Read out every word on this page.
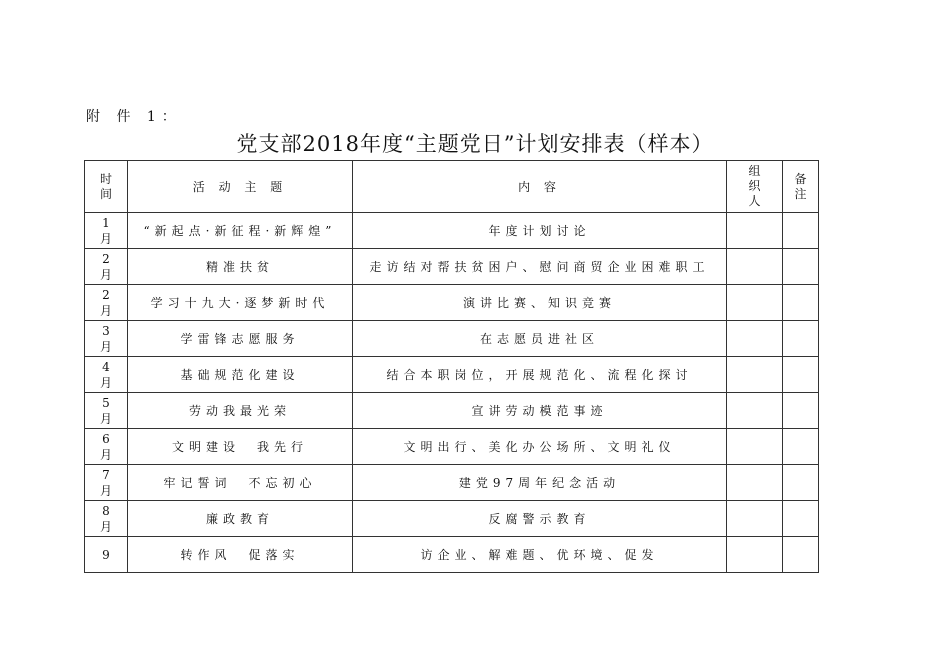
附 件 1：
党支部2018年度“主题党日”计划安排表（样本）
时
间	活 动 主 题	内 容	组
织
人	备
注
1
月	“新起点·新征程·新辉煌”	年度计划讨论		
2
月	精准扶贫	走访结对帮扶贫困户、慰问商贸企业困难职工		
2
月	学习十九大·逐梦新时代	演讲比赛、知识竞赛		
3
月	学雷锋志愿服务	在志愿员进社区		
4
月	基础规范化建设	结合本职岗位，开展规范化、流程化探讨		
5
月	劳动我最光荣	宣讲劳动模范事迹		
6
月	文明建设　我先行	文明出行、美化办公场所、文明礼仪		
7
月	牢记誓词　不忘初心	建党97周年纪念活动		
8
月	廉政教育	反腐警示教育		
9	转作风　促落实	访企业、解难题、优环境、促发		
